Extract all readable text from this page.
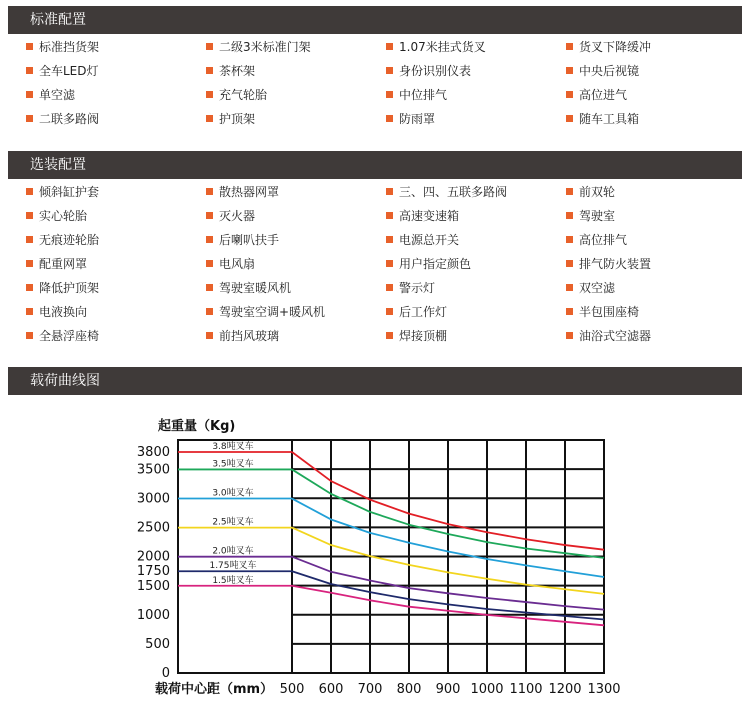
标准配置
标准挡货架	二级3米标准门架	1.07米挂式货叉	货叉下降缓冲
全车LED灯	茶杯架	身份识别仪表	中央后视镜
单空滤	充气轮胎	中位排气	高位进气
二联多路阀	护顶架	防雨罩	随车工具箱
选装配置
倾斜缸护套	散热器网罩	三、四、五联多路阀	前双轮
实心轮胎	灭火器	高速变速箱	驾驶室
无痕迹轮胎	后喇叭扶手	电源总开关	高位排气
配重网罩	电风扇	用户指定颜色	排气防火装置
降低护顶架	驾驶室暖风机	警示灯	双空滤
电液换向	驾驶室空调+暖风机	后工作灯	半包围座椅
全悬浮座椅	前挡风玻璃	焊接顶棚	油浴式空滤器
载荷曲线图
0
500
1000
1500
1750
2000
2500
3000
3500
3800
500 600 700 800 900 1000 1100 1200 1300
起重量（Kg)
载荷中心距（mm）
3.8吨叉车
3.5吨叉车
3.0吨叉车
2.5吨叉车
2.0吨叉车
1.75吨叉车
1.5吨叉车
